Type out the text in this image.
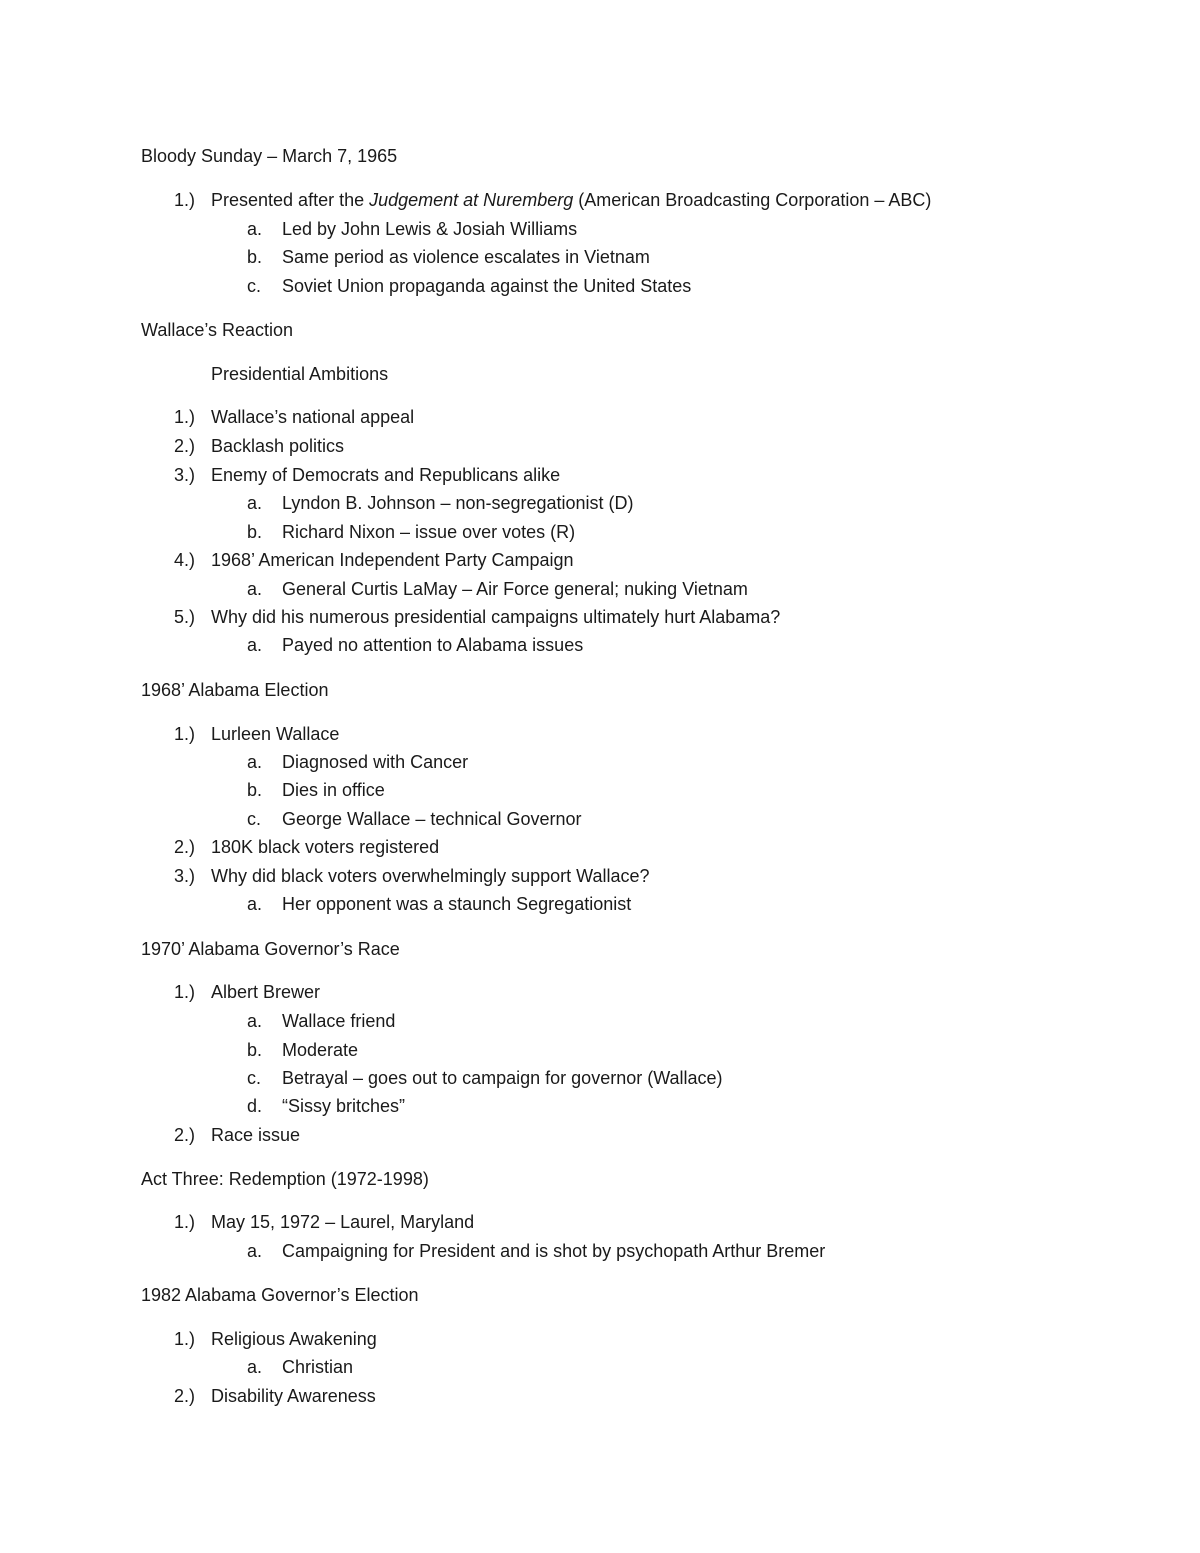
Bloody Sunday – March 7, 1965
1.) Presented after the Judgement at Nuremberg (American Broadcasting Corporation – ABC)
a. Led by John Lewis & Josiah Williams
b. Same period as violence escalates in Vietnam
c. Soviet Union propaganda against the United States
Wallace’s Reaction
Presidential Ambitions
1.) Wallace’s national appeal
2.) Backlash politics
3.) Enemy of Democrats and Republicans alike
a. Lyndon B. Johnson – non-segregationist (D)
b. Richard Nixon – issue over votes (R)
4.) 1968’ American Independent Party Campaign
a. General Curtis LaMay – Air Force general; nuking Vietnam
5.) Why did his numerous presidential campaigns ultimately hurt Alabama?
a. Payed no attention to Alabama issues
1968’ Alabama Election
1.) Lurleen Wallace
a. Diagnosed with Cancer
b. Dies in office
c. George Wallace – technical Governor
2.) 180K black voters registered
3.) Why did black voters overwhelmingly support Wallace?
a. Her opponent was a staunch Segregationist
1970’ Alabama Governor’s Race
1.) Albert Brewer
a. Wallace friend
b. Moderate
c. Betrayal – goes out to campaign for governor (Wallace)
d. “Sissy britches”
2.) Race issue
Act Three: Redemption (1972-1998)
1.) May 15, 1972 – Laurel, Maryland
a. Campaigning for President and is shot by psychopath Arthur Bremer
1982 Alabama Governor’s Election
1.) Religious Awakening
a. Christian
2.) Disability Awareness
